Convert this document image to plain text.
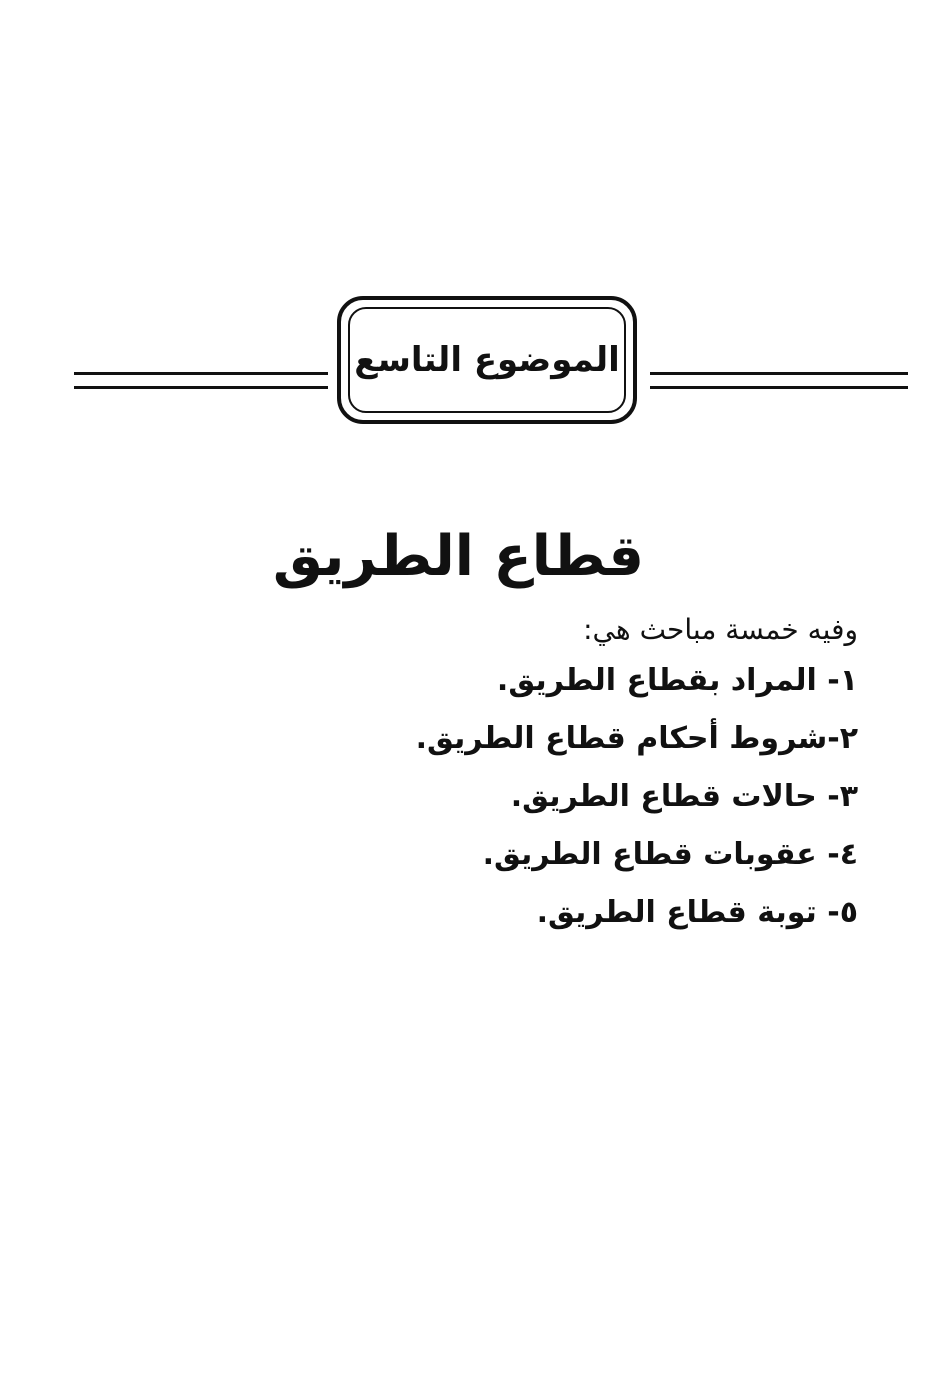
الموضوع التاسع
قطاع الطريق

وفيه خمسة مباحث هي:

١- المراد بقطاع الطريق.
٢-شروط أحكام قطاع الطريق.
٣- حالات قطاع الطريق.
٤- عقوبات قطاع الطريق.
٥- توبة قطاع الطريق.
